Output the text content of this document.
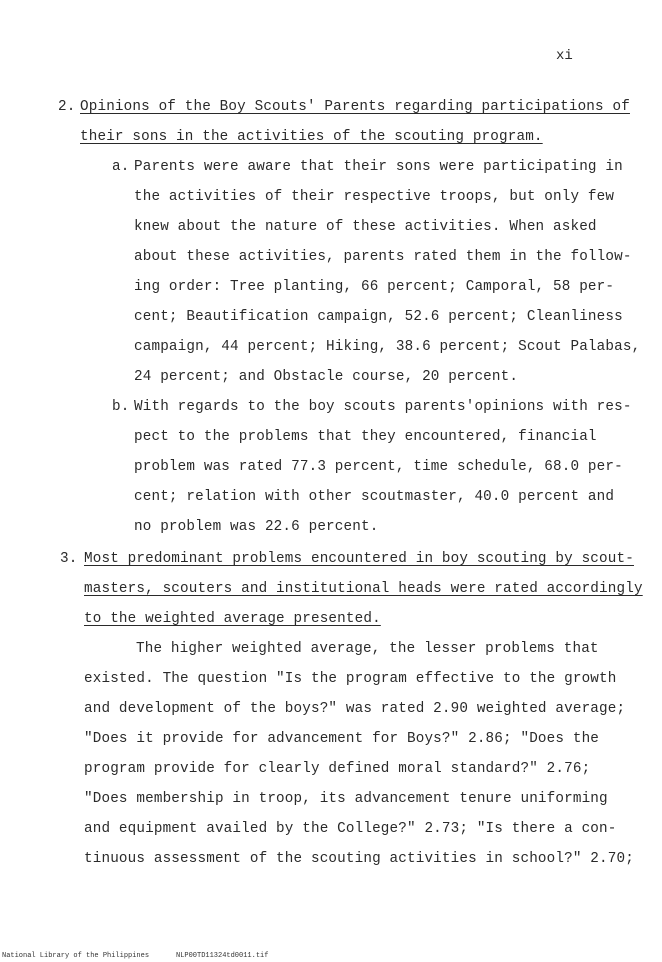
xi
2. Opinions of the Boy Scouts' Parents regarding participations of
their sons in the activities of the scouting program.
a. Parents were aware that their sons were participating in
the activities of their respective troops, but only few
knew about the nature of these activities. When asked
about these activities, parents rated them in the follow-
ing order: Tree planting, 66 percent; Camporal, 58 per-
cent; Beautification campaign, 52.6 percent; Cleanliness
campaign, 44 percent; Hiking, 38.6 percent; Scout Palabas,
24 percent; and Obstacle course, 20 percent.
b. With regards to the boy scouts parents'opinions with res-
pect to the problems that they encountered, financial
problem was rated 77.3 percent, time schedule, 68.0 per-
cent; relation with other scoutmaster, 40.0 percent and
no problem was 22.6 percent.
3. Most predominant problems encountered in boy scouting by scout-
masters, scouters and institutional heads were rated accordingly
to the weighted average presented.
The higher weighted average, the lesser problems that
existed. The question "Is the program effective to the growth
and development of the boys?" was rated 2.90 weighted average;
"Does it provide for advancement for Boys?" 2.86; "Does the
program provide for clearly defined moral standard?" 2.76;
"Does membership in troop, its advancement tenure uniforming
and equipment availed by the College?" 2.73; "Is there a con-
tinuous assessment of the scouting activities in school?" 2.70;
National Library of the Philippines	NLP00TD11324td0011.tif
